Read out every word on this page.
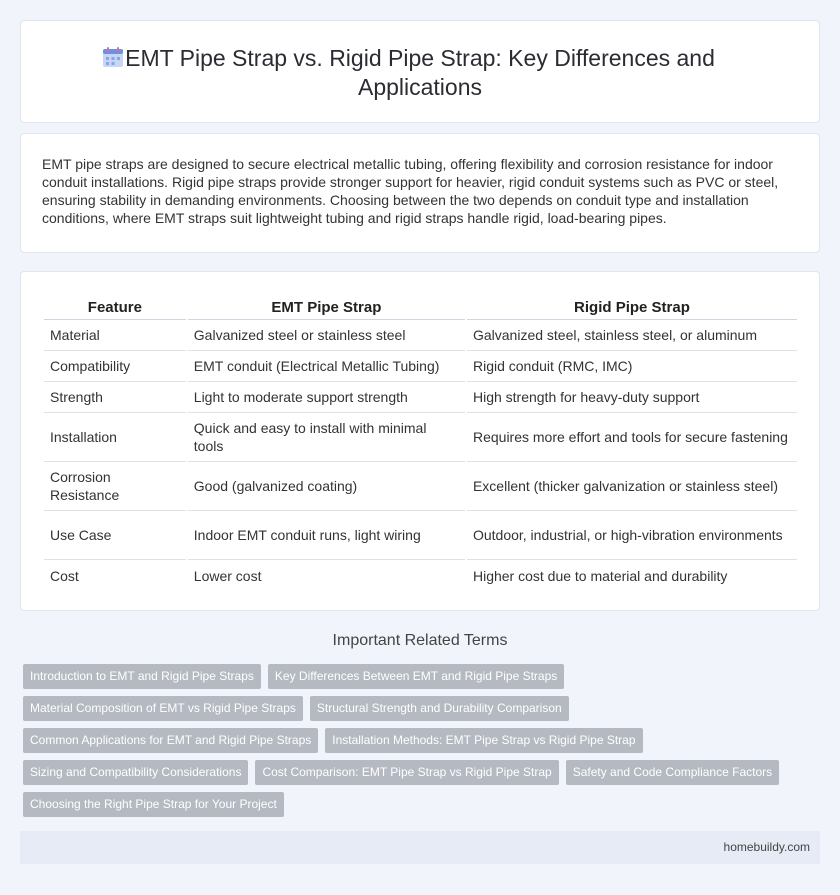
EMT Pipe Strap vs. Rigid Pipe Strap: Key Differences and Applications

EMT pipe straps are designed to secure electrical metallic tubing, offering flexibility and corrosion resistance for indoor conduit installations. Rigid pipe straps provide stronger support for heavier, rigid conduit systems such as PVC or steel, ensuring stability in demanding environments. Choosing between the two depends on conduit type and installation conditions, where EMT straps suit lightweight tubing and rigid straps handle rigid, load-bearing pipes.

Feature	EMT Pipe Strap	Rigid Pipe Strap
Material	Galvanized steel or stainless steel	Galvanized steel, stainless steel, or aluminum
Compatibility	EMT conduit (Electrical Metallic Tubing)	Rigid conduit (RMC, IMC)
Strength	Light to moderate support strength	High strength for heavy-duty support
Installation	Quick and easy to install with minimal tools	Requires more effort and tools for secure fastening
Corrosion Resistance	Good (galvanized coating)	Excellent (thicker galvanization or stainless steel)
Use Case	Indoor EMT conduit runs, light wiring	Outdoor, industrial, or high-vibration environments
Cost	Lower cost	Higher cost due to material and durability
Important Related Terms
Introduction to EMT and Rigid Pipe Straps	Key Differences Between EMT and Rigid Pipe Straps
Material Composition of EMT vs Rigid Pipe Straps	Structural Strength and Durability Comparison
Common Applications for EMT and Rigid Pipe Straps	Installation Methods: EMT Pipe Strap vs Rigid Pipe Strap
Sizing and Compatibility Considerations	Cost Comparison: EMT Pipe Strap vs Rigid Pipe Strap	Safety and Code Compliance Factors
Choosing the Right Pipe Strap for Your Project
homebuildy.com
